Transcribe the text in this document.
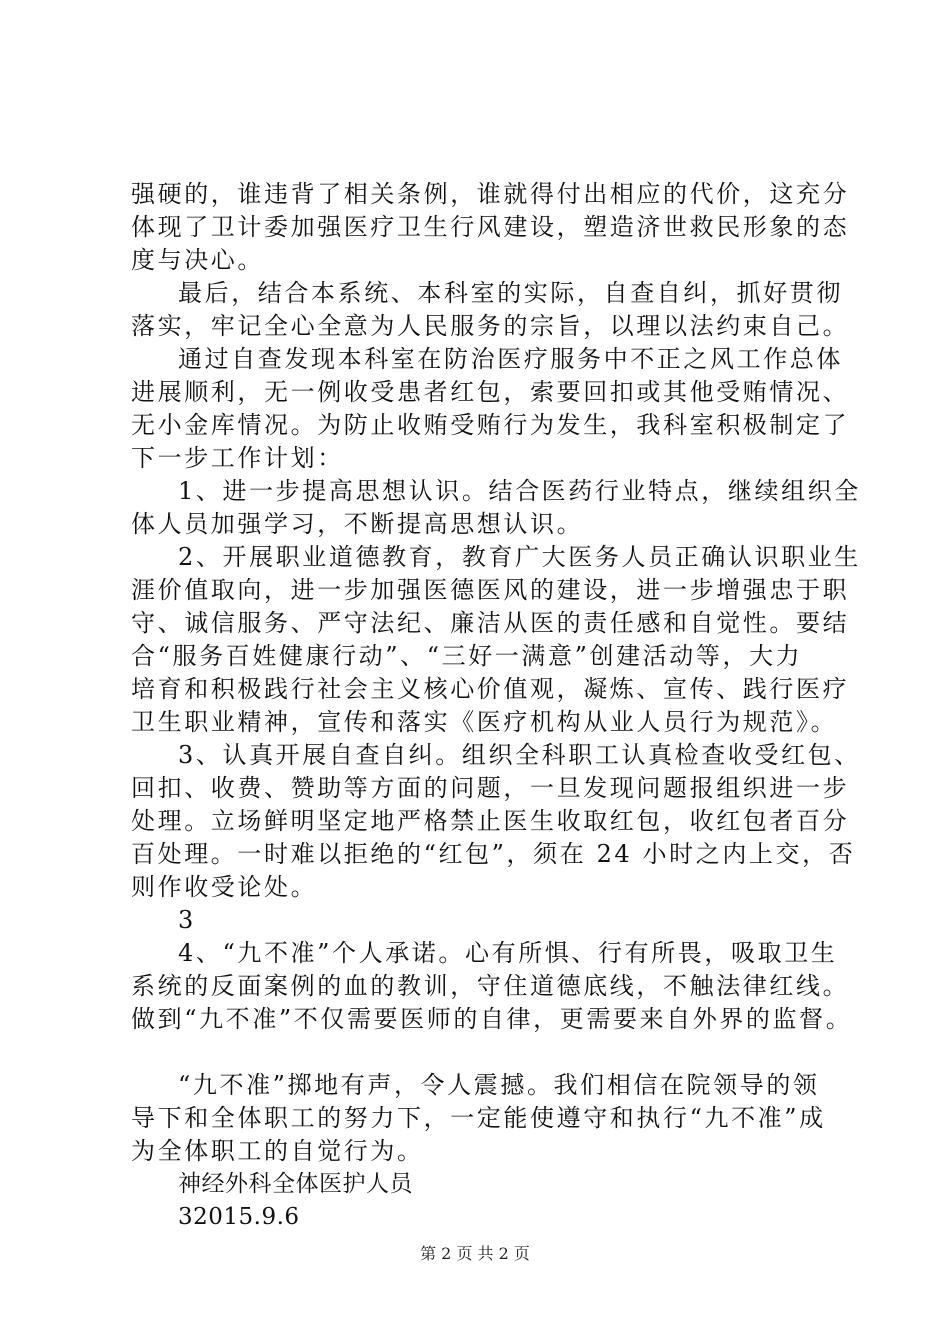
强硬的，谁违背了相关条例，谁就得付出相应的代价，这充分
体现了卫计委加强医疗卫生行风建设，塑造济世救民形象的态
度与决心。
最后，结合本系统、本科室的实际，自查自纠，抓好贯彻
落实，牢记全心全意为人民服务的宗旨，以理以法约束自己。
通过自查发现本科室在防治医疗服务中不正之风工作总体
进展顺利，无一例收受患者红包，索要回扣或其他受贿情况、
无小金库情况。为防止收贿受贿行为发生，我科室积极制定了
下一步工作计划：
1、进一步提高思想认识。结合医药行业特点，继续组织全
体人员加强学习，不断提高思想认识。
2、开展职业道德教育，教育广大医务人员正确认识职业生
涯价值取向，进一步加强医德医风的建设，进一步增强忠于职
守、诚信服务、严守法纪、廉洁从医的责任感和自觉性。要结
合“服务百姓健康行动”、“三好一满意”创建活动等，大力
培育和积极践行社会主义核心价值观，凝炼、宣传、践行医疗
卫生职业精神，宣传和落实《医疗机构从业人员行为规范》。
3、认真开展自查自纠。组织全科职工认真检查收受红包、
回扣、收费、赞助等方面的问题，一旦发现问题报组织进一步
处理。立场鲜明坚定地严格禁止医生收取红包，收红包者百分
百处理。一时难以拒绝的“红包”，须在 24 小时之内上交，否
则作收受论处。
3
4、“九不准”个人承诺。心有所惧、行有所畏，吸取卫生
系统的反面案例的血的教训，守住道德底线，不触法律红线。
做到“九不准”不仅需要医师的自律，更需要来自外界的监督。
“九不准”掷地有声，令人震撼。我们相信在院领导的领
导下和全体职工的努力下，一定能使遵守和执行“九不准”成
为全体职工的自觉行为。
神经外科全体医护人员
32015.9.6
第 2 页 共 2 页
